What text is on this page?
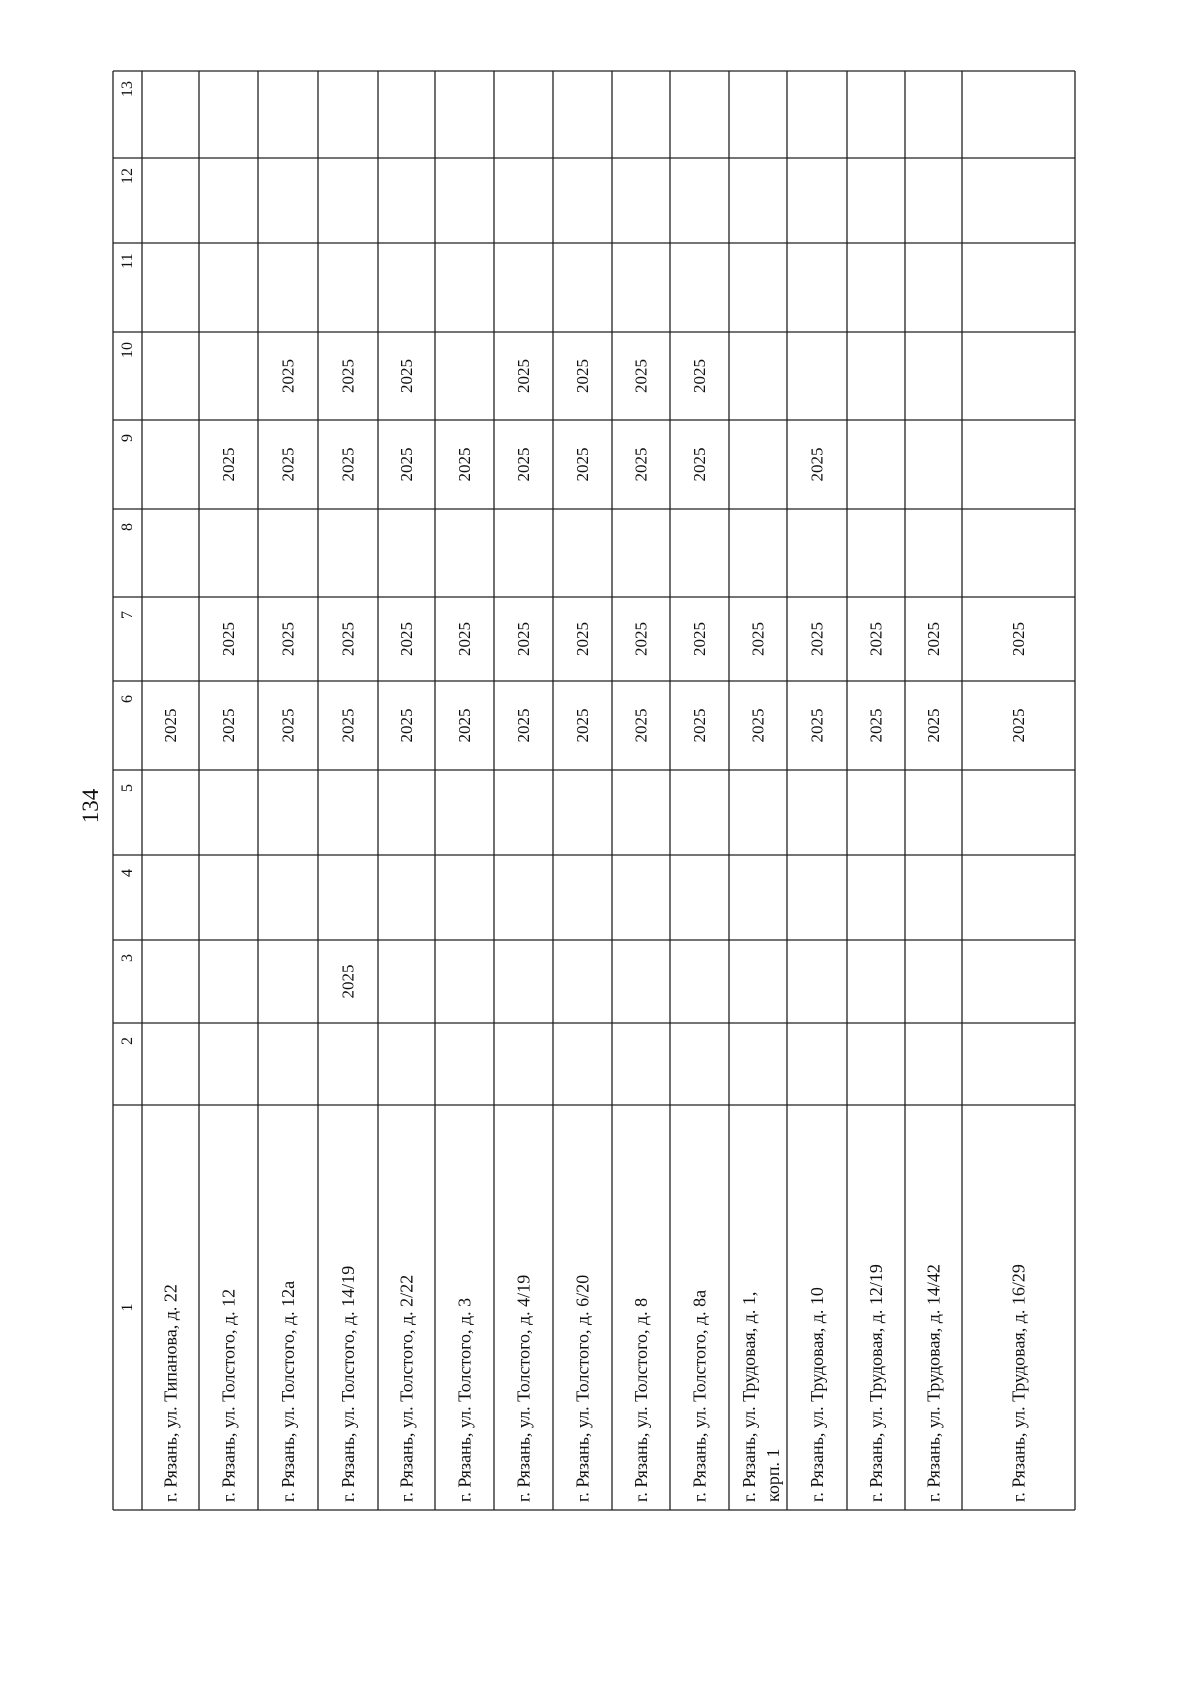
134
13
12
11
10
9
8
7
6
5
4
3
2
1 г. Рязань, ул. Типанова, д. 22
2025
г. Рязань, ул. Толстого, д. 12
2025
2025
2025
г. Рязань, ул. Толстого, д. 12а
2025
2025
2025
2025
г. Рязань, ул. Толстого, д. 14/19
2025
2025
2025
2025
2025
г. Рязань, ул. Толстого, д. 2/22
2025
2025
2025
2025
г. Рязань, ул. Толстого, д. 3
2025
2025
2025
г. Рязань, ул. Толстого, д. 4/19
2025
2025
2025
2025
г. Рязань, ул. Толстого, д. 6/20
2025
2025
2025
2025
г. Рязань, ул. Толстого, д. 8
2025
2025
2025
2025
г. Рязань, ул. Толстого, д. 8а
2025
2025
2025
2025
г. Рязань, ул. Трудовая, д. 1, корп. 1
2025
2025
г. Рязань, ул. Трудовая, д. 10
2025
2025
2025
г. Рязань, ул. Трудовая, д. 12/19
2025
2025
г. Рязань, ул. Трудовая, д. 14/42
2025
2025
г. Рязань, ул. Трудовая, д. 16/29
2025
2025
